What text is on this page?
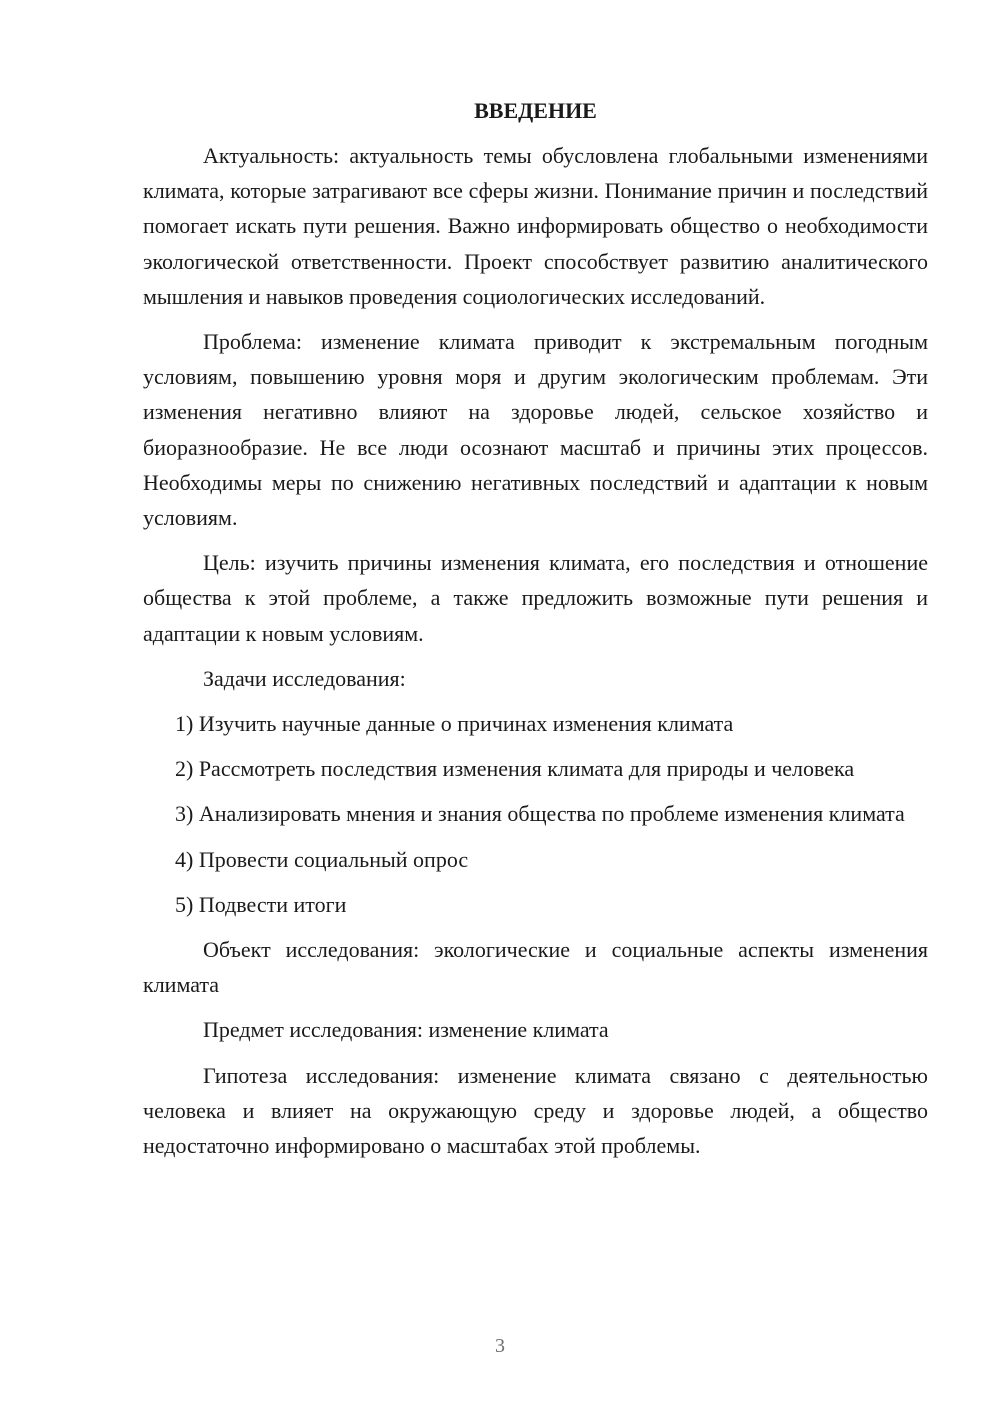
ВВЕДЕНИЕ

Актуальность: актуальность темы обусловлена глобальными изменениями климата, которые затрагивают все сферы жизни. Понимание причин и последствий помогает искать пути решения. Важно информировать общество о необходимости экологической ответственности. Проект способствует развитию аналитического мышления и навыков проведения социологических исследований.

Проблема: изменение климата приводит к экстремальным погодным условиям, повышению уровня моря и другим экологическим проблемам. Эти изменения негативно влияют на здоровье людей, сельское хозяйство и биоразнообразие. Не все люди осознают масштаб и причины этих процессов. Необходимы меры по снижению негативных последствий и адаптации к новым условиям.

Цель: изучить причины изменения климата, его последствия и отношение общества к этой проблеме, а также предложить возможные пути решения и адаптации к новым условиям.

Задачи исследования:

1) Изучить научные данные о причинах изменения климата

2) Рассмотреть последствия изменения климата для природы и человека

3) Анализировать мнения и знания общества по проблеме изменения климата

4) Провести социальный опрос

5) Подвести итоги

Объект исследования: экологические и социальные аспекты изменения климата

Предмет исследования: изменение климата

Гипотеза исследования: изменение климата связано с деятельностью человека и влияет на окружающую среду и здоровье людей, а общество недостаточно информировано о масштабах этой проблемы.

3
